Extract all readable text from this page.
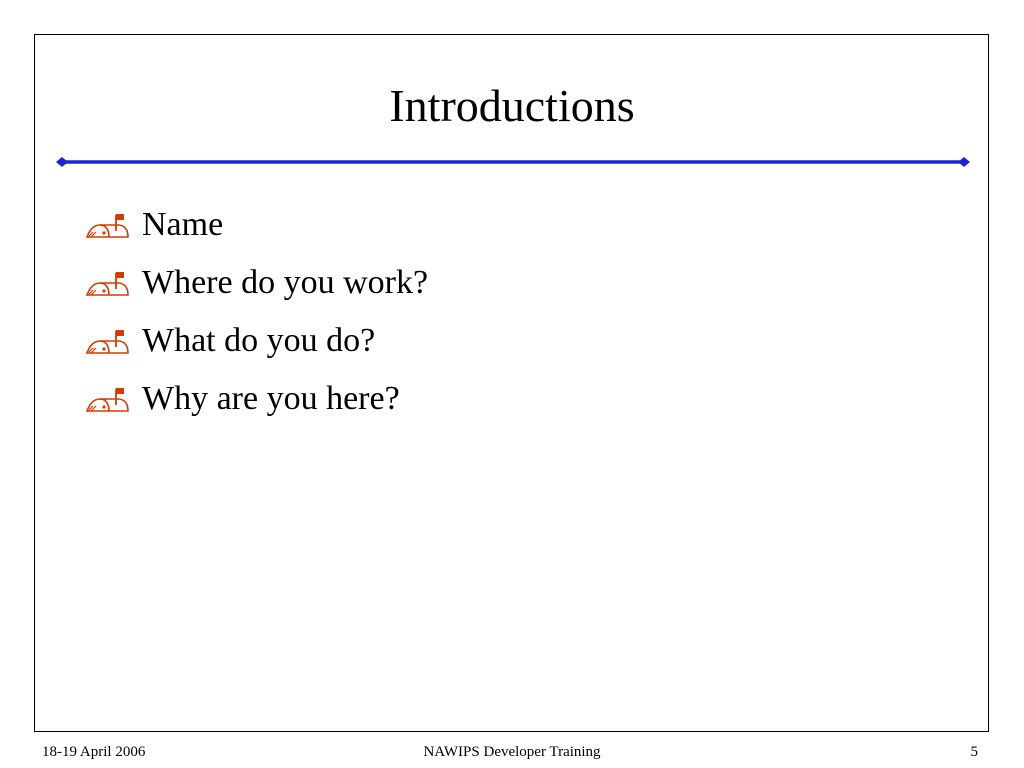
Introductions
Name
Where do you work?
What do you do?
Why are you here?
18-19 April 2006	NAWIPS Developer Training	5
